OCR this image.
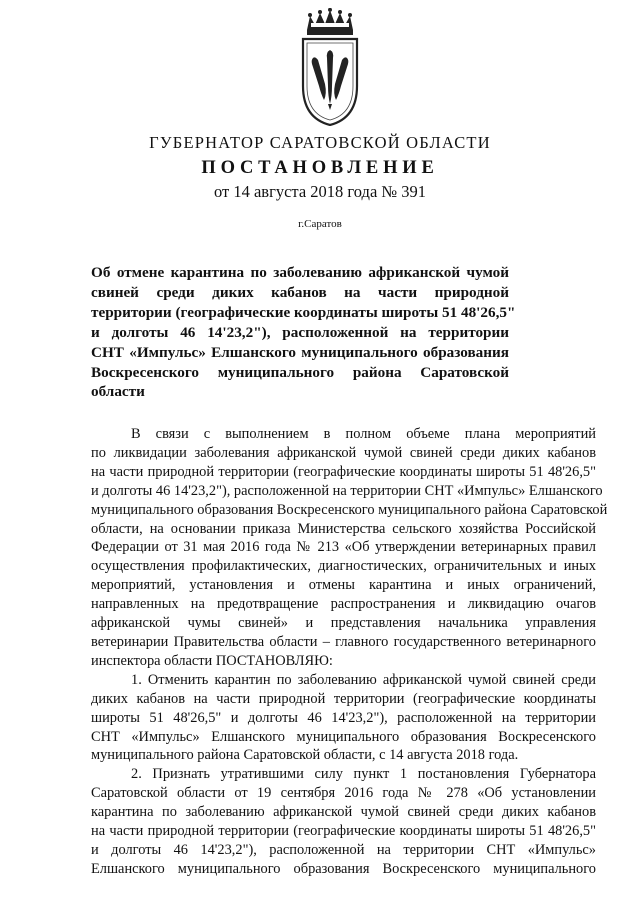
ГУБЕРНАТОР САРАТОВСКОЙ ОБЛАСТИ
ПОСТАНОВЛЕНИЕ
от 14 августа 2018 года № 391
г.Саратов
Об отмене карантина по заболеванию африканской чумой
свиней среди диких кабанов на части природной
территории (географические координаты широты 51 48'26,5"
и долготы 46 14'23,2"), расположенной на территории
СНТ «Импульс» Елшанского муниципального образования
Воскресенского муниципального района Саратовской
области
В связи с выполнением в полном объеме плана мероприятий
по ликвидации заболевания африканской чумой свиней среди диких кабанов
на части природной территории (географические координаты широты 51 48'26,5"
и долготы 46 14'23,2"), расположенной на территории СНТ «Импульс» Елшанского
муниципального образования Воскресенского муниципального района Саратовской
области, на основании приказа Министерства сельского хозяйства Российской
Федерации от 31 мая 2016 года № 213 «Об утверждении ветеринарных правил
осуществления профилактических, диагностических, ограничительных и иных
мероприятий, установления и отмены карантина и иных ограничений,
направленных на предотвращение распространения и ликвидацию очагов
африканской чумы свиней» и представления начальника управления
ветеринарии Правительства области – главного государственного ветеринарного
инспектора области ПОСТАНОВЛЯЮ:
1. Отменить карантин по заболеванию африканской чумой свиней среди
диких кабанов на части природной территории (географические координаты
широты 51 48'26,5" и долготы 46 14'23,2"), расположенной на территории
СНТ «Импульс» Елшанского муниципального образования Воскресенского
муниципального района Саратовской области, с 14 августа 2018 года.
2. Признать утратившими силу пункт 1 постановления Губернатора
Саратовской области от 19 сентября 2016 года № 278 «Об установлении
карантина по заболеванию африканской чумой свиней среди диких кабанов
на части природной территории (географические координаты широты 51 48'26,5"
и долготы 46 14'23,2"), расположенной на территории СНТ «Импульс»
Елшанского муниципального образования Воскресенского муниципального
